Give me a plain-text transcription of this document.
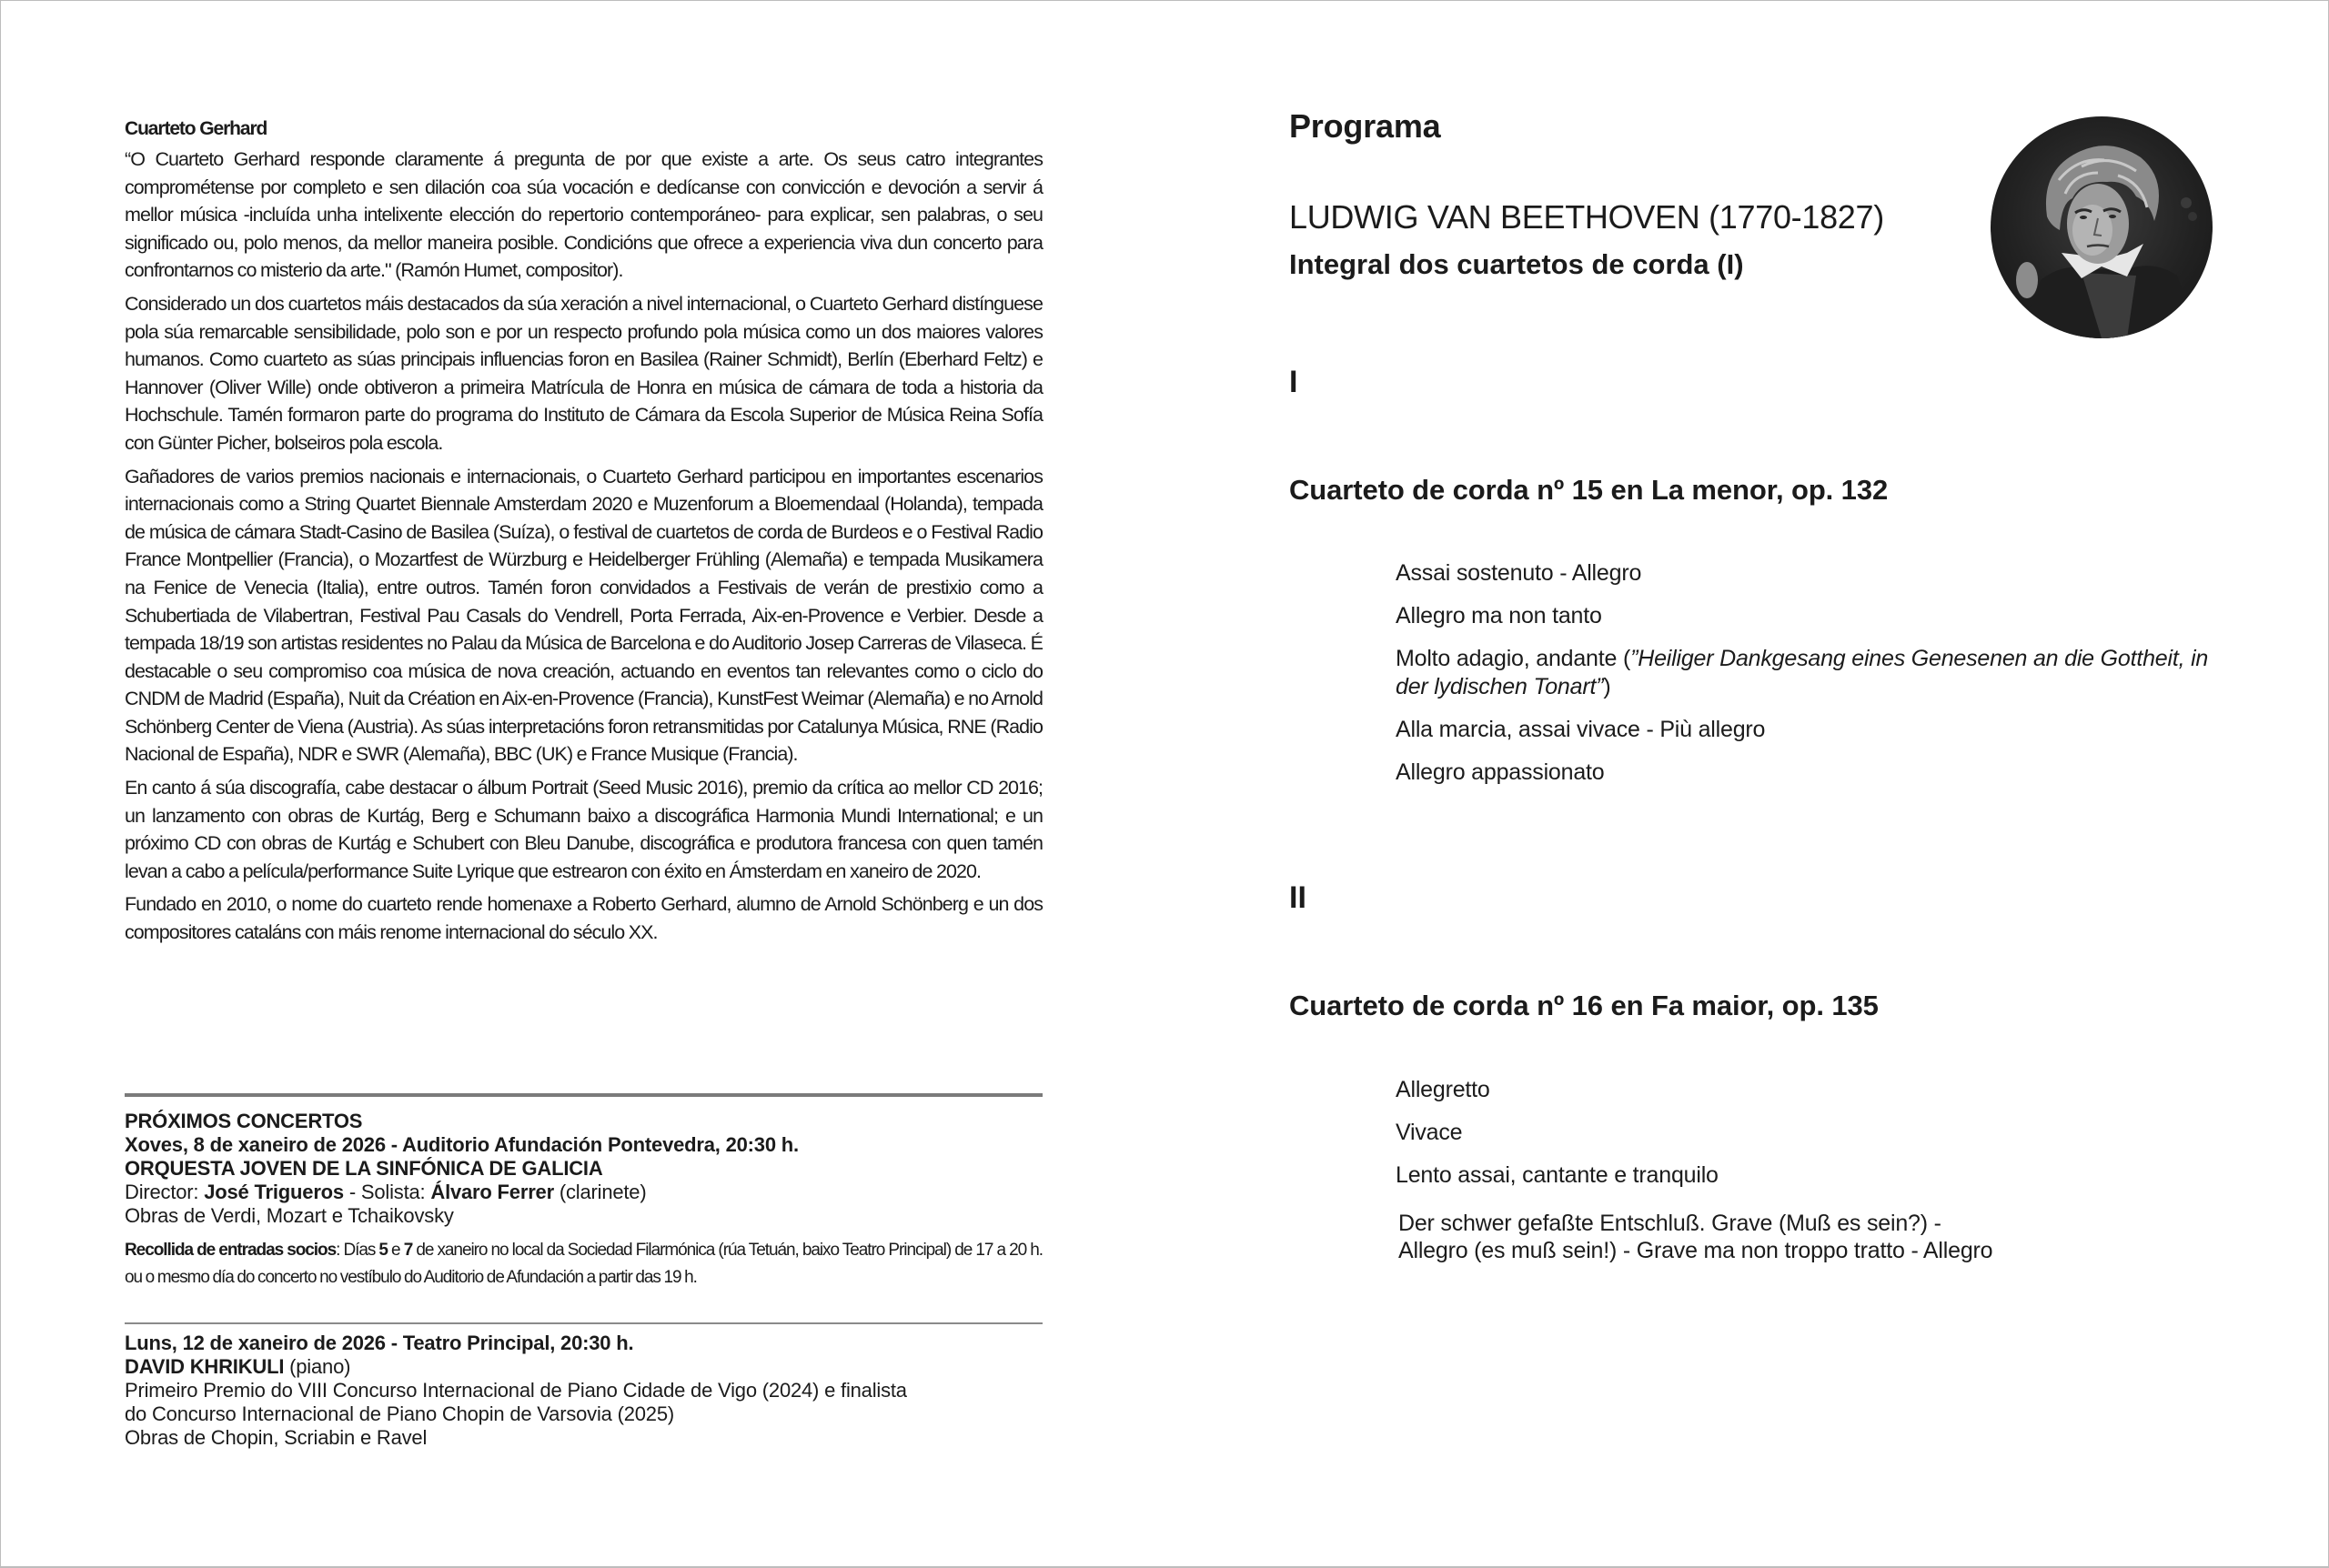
Cuarteto Gerhard

“O Cuarteto Gerhard responde claramente á pregunta de por que existe a arte. Os seus catro integrantes comprométense por completo e sen dilación coa súa vocación e dedícanse con convicción e devoción a servir á mellor música -incluída unha intelixente elección do repertorio contemporáneo- para explicar, sen palabras, o seu significado ou, polo menos, da mellor maneira posible. Condicións que ofrece a experiencia viva dun concerto para confrontarnos co misterio da arte." (Ramón Humet, compositor).

Considerado un dos cuartetos máis destacados da súa xeración a nivel internacional, o Cuarteto Gerhard distínguese pola súa remarcable sensibilidade, polo son e por un respecto profundo pola música como un dos maiores valores humanos. Como cuarteto as súas principais influencias foron en Basilea (Rainer Schmidt), Berlín (Eberhard Feltz) e Hannover (Oliver Wille) onde obtiveron a primeira Matrícula de Honra en música de cámara de toda a historia da Hochschule. Tamén formaron parte do programa do Instituto de Cámara da Escola Superior de Música Reina Sofía con Günter Picher, bolseiros pola escola.

Gañadores de varios premios nacionais e internacionais, o Cuarteto Gerhard participou en importantes escenarios internacionais como a String Quartet Biennale Amsterdam 2020 e Muzenforum a Bloemendaal (Holanda), tempada de música de cámara Stadt-Casino de Basilea (Suíza), o festival de cuartetos de corda de Burdeos e o Festival Radio France Montpellier (Francia), o Mozartfest de Würzburg e Heidelberger Frühling (Alemaña) e tempada Musikamera na Fenice de Venecia (Italia), entre outros. Tamén foron convidados a Festivais de verán de prestixio como a Schubertiada de Vilabertran, Festival Pau Casals do Vendrell, Porta Ferrada, Aix-en-Provence e Verbier. Desde a tempada 18/19 son artistas residentes no Palau da Música de Barcelona e do Auditorio Josep Carreras de Vilaseca. É destacable o seu compromiso coa música de nova creación, actuando en eventos tan relevantes como o ciclo do CNDM de Madrid (España), Nuit da Création en Aix-en-Provence (Francia), KunstFest Weimar (Alemaña) e no Arnold Schönberg Center de Viena (Austria). As súas interpretacións foron retransmitidas por Catalunya Música, RNE (Radio Nacional de España), NDR e SWR (Alemaña), BBC (UK) e France Musique (Francia).

En canto á súa discografía, cabe destacar o álbum Portrait (Seed Music 2016), premio da crítica ao mellor CD 2016; un lanzamento con obras de Kurtág, Berg e Schumann baixo a discográfica Harmonia Mundi International; e un próximo CD con obras de Kurtág e Schubert con Bleu Danube, discográfica e produtora francesa con quen tamén levan a cabo a película/performance Suite Lyrique que estrearon con éxito en Ámsterdam en xaneiro de 2020.

Fundado en 2010, o nome do cuarteto rende homenaxe a Roberto Gerhard, alumno de Arnold Schönberg e un dos compositores cataláns con máis renome internacional do século XX.

PRÓXIMOS CONCERTOS
Xoves, 8 de xaneiro de 2026 - Auditorio Afundación Pontevedra, 20:30 h.
ORQUESTA JOVEN DE LA SINFÓNICA DE GALICIA
Director: José Trigueros - Solista: Álvaro Ferrer (clarinete)
Obras de Verdi, Mozart e Tchaikovsky
Recollida de entradas socios: Días 5 e 7 de xaneiro no local da Sociedad Filarmónica (rúa Tetuán, baixo Teatro Principal) de 17 a 20 h. ou o mesmo día do concerto no vestíbulo do Auditorio de Afundación a partir das 19 h.
Luns, 12 de xaneiro de 2026 - Teatro Principal, 20:30 h.
DAVID KHRIKULI (piano)
Primeiro Premio do VIII Concurso Internacional de Piano Cidade de Vigo (2024) e finalista
do Concurso Internacional de Piano Chopin de Varsovia (2025)
Obras de Chopin, Scriabin e Ravel
Programa
LUDWIG VAN BEETHOVEN (1770-1827)
Integral dos cuartetos de corda (I)
I
Cuarteto de corda nº 15 en La menor, op. 132

Assai sostenuto - Allegro

Allegro ma non tanto

Molto adagio, andante (”Heiliger Dankgesang eines Genesenen an die Gottheit, in der lydischen Tonart”)

Alla marcia, assai vivace - Più allegro

Allegro appassionato

II
Cuarteto de corda nº 16 en Fa maior, op. 135

Allegretto

Vivace

Lento assai, cantante e tranquilo

Der schwer gefaßte Entschluß. Grave (Muß es sein?) -
Allegro (es muß sein!) - Grave ma non troppo tratto - Allegro
